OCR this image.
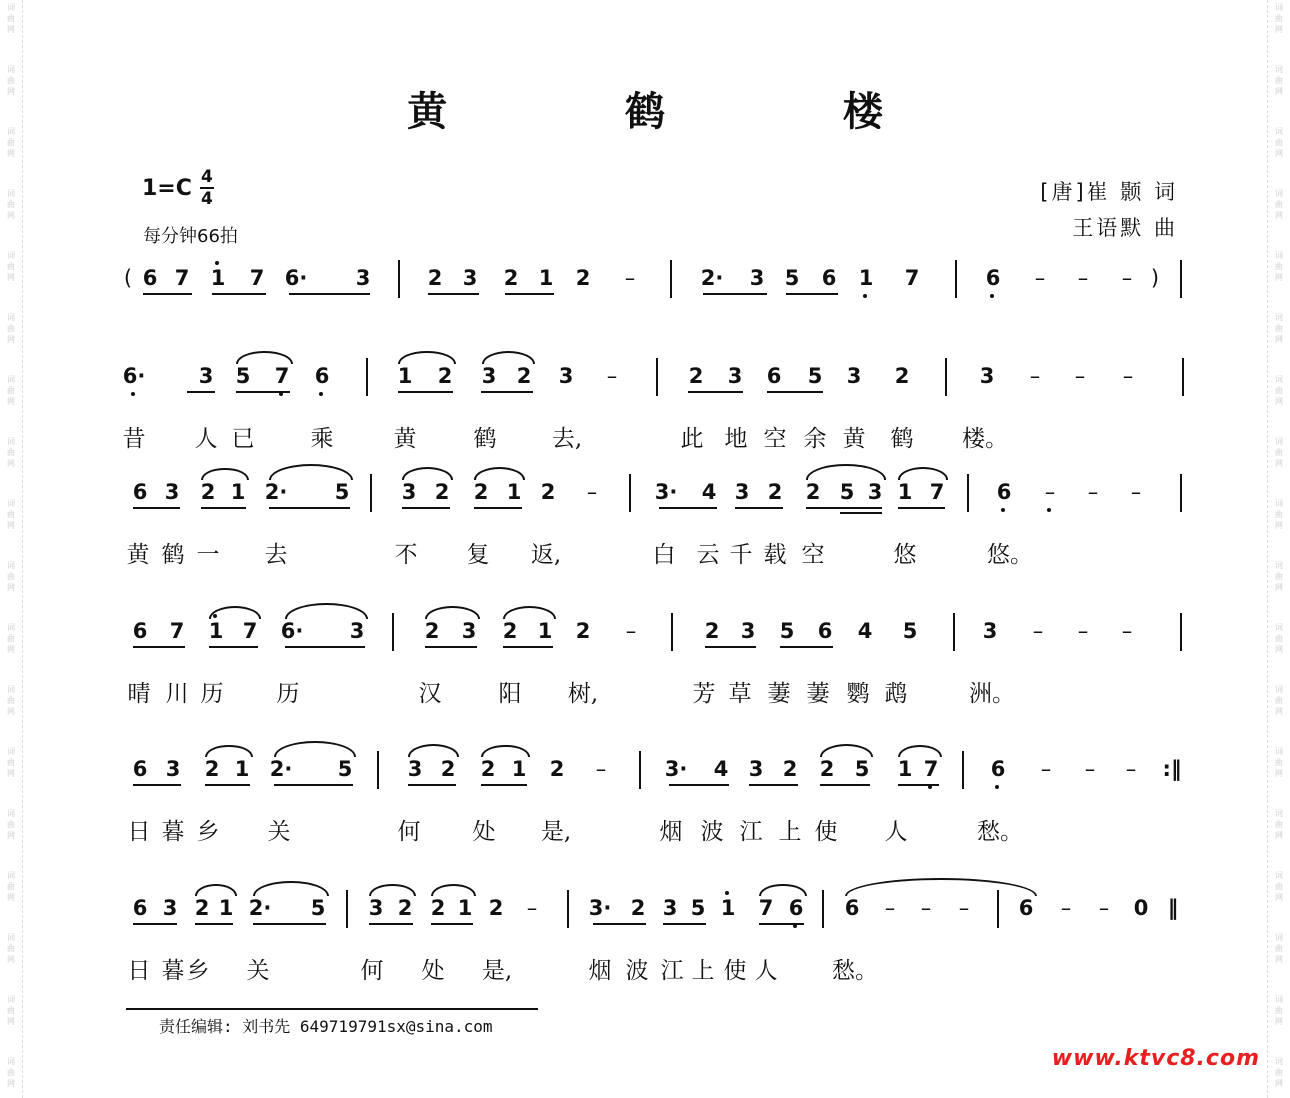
词
曲
网
词
曲
网
词
曲
网
词
曲
网
词
曲
网
词
曲
网
词
曲
网
词
曲
网
词
曲
网
词
曲
网
词
曲
网
词
曲
网
词
曲
网
词
曲
网
词
曲
网
词
曲
网
词
曲
网
词
曲
网
词
曲
网
词
曲
网
词
曲
网
词
曲
网
词
曲
网
词
曲
网
词
曲
网
词
曲
网
词
曲
网
词
曲
网
词
曲
网
词
曲
网
词
曲
网
词
曲
网
词
曲
网
词
曲
网
词
曲
网
词
曲
网
黄 鹤 楼
$1=C \frac{4}{4}$
每分钟66拍
[唐]崔 颢 词
王语默 曲
( 6 7 1 7 6· 3	2 3 2 1 2 –	2· 3 5 6 1 7	6 – – – )
6·	3 5 7 6	1 2 3 2 3 –	2 3 6 5 3 2	3 – – –
昔 人 已 乘	黄 鹤 去,	此 地 空 余 黄 鹤 楼。
6 3 2 1 2· 5 3 2 2 1 2 –	3· 4 3 2 2 5 3 1 7 6 – – –
黄 鹤 一 去	不 复 返,	白 云 千 载 空	悠	悠。
6 7 1 7 6· 3	2 3 2 1 2 –	2 3 5 6 4 5	3 – – –
晴 川 历 历	汉 阳 树,	芳 草 萋 萋 鹦 鹉	洲。
6 3 2 1 2· 5	3 2 2 1 2 –	3· 4 3 2 2 5 1 7 6 – – – :‖
日 暮 乡 关	何 处 是,	烟 波 江 上 使 人	愁。
6 3 2 1 2· 5 3 2 2 1 2 – 3· 2 3 5 1 7 6 6 – – – 6 – – 0 ‖
日 暮 乡 关	何 处 是,	烟 波 江 上 使 人 愁。
责任编辑: 刘书先 649719791sx@sina.com
www.ktvc8.com
